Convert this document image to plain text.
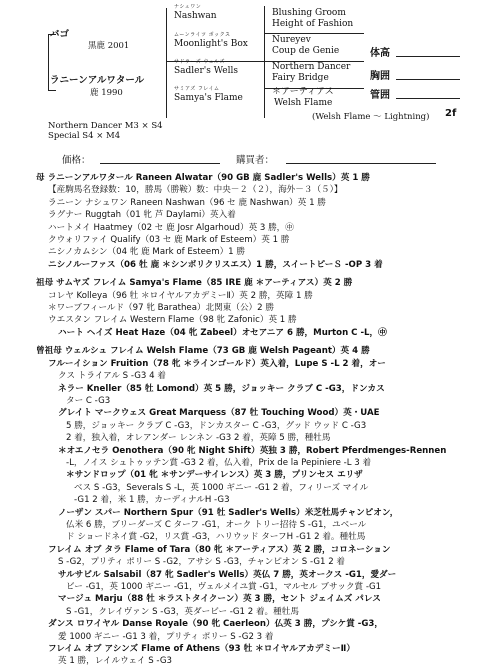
バゴ
黒鹿 2001
ラニーンアルワタール
鹿 1990
ナシュワン
Nashwan
ムーンライツ ボックス
Moonlight's Box
サドラーズ ウェルズ
Sadler's Wells
サミアズ フレイム
Samya's Flame
Blushing Groom
Height of Fashion
Nureyev
Coup de Genie
Northern Dancer
Fairy Bridge
＊アーティアス
Welsh Flame
(Welsh Flame ～ Lightning) 2f
体高
胸囲
管囲
Northern Dancer M3 × S4
Special S4 × M4
価格：	購買者：
母 ラニーンアルワタール Raneen Alwatar（90 GB 鹿 Sadler's Wells）英 1 勝
【産駒馬名登録数：10，勝馬（勝鞍）数：中央－２（２），海外－３（５）】
ラニーン ナシュワン Raneen Nashwan（96 セ 鹿 Nashwan）英 1 勝
ラグナー Ruggtah（01 牝 芦 Daylami）英入着
ハートメイ Haatmey（02 セ 鹿 Josr Algarhoud）英 3 勝，㊥
クウォリファイ Qualify（03 セ 鹿 Mark of Esteem）英 1 勝
ニシノカムシン（04 牝 鹿 Mark of Esteem）1 勝
ニシノルーファス（06 牡 鹿 ＊シンボリクリスエス）1 勝，スイートピーＳ -OP 3 着
祖母 サムヤズ フレイム Samya's Flame（85 IRE 鹿 ＊アーティアス）英 2 勝
コレヤ Kolleya（96 牡 ＊ロイヤルアカデミーⅡ）英 2 勝，英障 1 勝
＊ワーブフィールド（97 牝 Barathea）北関東（公）2 勝
ウエスタン フレイム Western Flame（98 牝 Zafonic）英 1 勝
ハート ヘイズ Heat Haze（04 牝 Zabeel）オセアニア 6 勝，Murton C -L，㊥
曾祖母 ウェルシュ フレイム Welsh Flame（73 GB 鹿 Welsh Pageant）英 4 勝
フルーイション Fruition（78 牝 ＊ラインゴールド）英入着，Lupe S -L 2 着，オー
クス トライアル S -G3 4 着
ネラー Kneller（85 牡 Lomond）英 5 勝，ジョッキー クラブ C -G3，ドンカス
ター C -G3
グレイト マークウェス Great Marquess（87 牡 Touching Wood）英・UAE
5 勝，ジョッキー クラブ C -G3，ドンカスター C -G3，グッド ウッド C -G3
2 着，独入着，オレアンダー レンネン -G3 2 着，英障 5 勝，種牡馬
＊オエノセラ Oenothera（90 牝 Night Shift）英独 3 勝，Robert Pferdmenges-Rennen
-L，ノイス シュトゥッテン賞 -G3 2 着，仏入着，Prix de la Pepiniere -L 3 着
＊サンドロップ（01 牝 ＊サンデーサイレンス）英 3 勝，プリンセス エリザ
ベス S -G3，Severals S -L，英 1000 ギニー -G1 2 着，フィリーズ マイル
-G1 2 着，米 1 勝，カーディナルH -G3
ノーザン スパー Northern Spur（91 牡 Sadler's Wells）米芝牡馬チャンピオン，
仏米 6 勝，ブリーダーズ C ターフ -G1，オーク トリー招待 S -G1，ユベール
ド ショードネイ賞 -G2，リス賞 -G3，ハリウッド ターフH -G1 2 着。種牡馬
フレイム オブ タラ Flame of Tara（80 牝 ＊アーティアス）英 2 勝，コロネーション
S -G2，プリティ ポリー S -G2，アサシ S -G3，チャンピオン S -G1 2 着
サルサビル Salsabil（87 牝 Sadler's Wells）英仏 7 勝，英オークス -G1，愛ダー
ビー -G1，英 1000 ギニー -G1，ヴェルメイユ賞 -G1，マルセル ブサック賞 -G1
マージュ Marju（88 牡 ＊ラストタイクーン）英 3 勝，セント ジェイムズ パレス
S -G1，クレイヴァン S -G3，英ダービー -G1 2 着。種牡馬
ダンス ロワイヤル Danse Royale（90 牝 Caerleon）仏英 3 勝，プシケ賞 -G3，
愛 1000 ギニー -G1 3 着，プリティ ポリー S -G2 3 着
フレイム オブ アシンズ Flame of Athens（93 牡 ＊ロイヤルアカデミーⅡ）
英 1 勝，レイルウェイ S -G3
